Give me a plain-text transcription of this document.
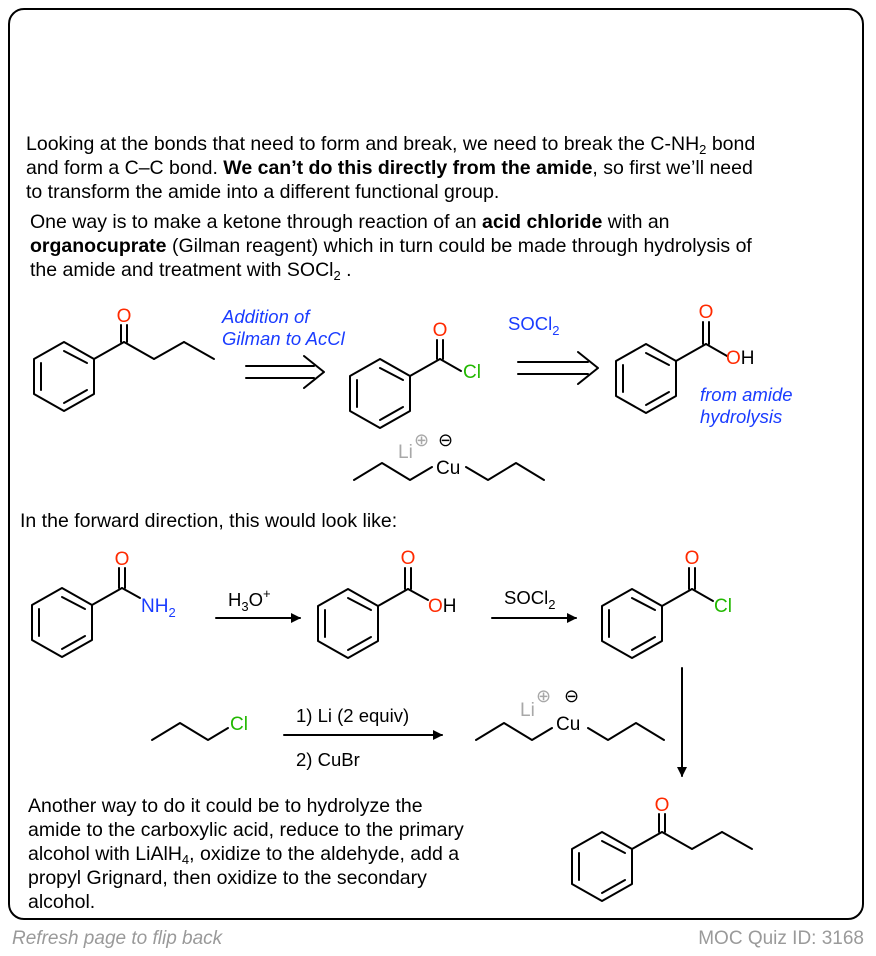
Looking at the bonds that need to form and break, we need to break the $C-NH_2$ bond
and form a C–C bond. We can’t do this directly from the amide, so first we’ll need
to transform the amide into a different functional group.

One way is to make a ketone through reaction of an acid chloride with an
organocuprate (Gilman reagent) which in turn could be made through hydrolysis of
the amide and treatment with SOCl$_2$ .

In the forward direction, this would look like:

Another way to do it could be to hydrolyze the
amide to the carboxylic acid, reduce to the primary
alcohol with LiAlH$_4$, oxidize to the aldehyde, add a
propyl Grignard, then oxidize to the secondary
alcohol.

O
O
Cl
O
OH
Li
⊕ ⊖
Cu
O
$NH_2$
O
OH
O
Cl
Cl
Li
⊕ ⊖
Cu
O
Addition of
Gilman to AcCl
SOCl$_2$
from amide
hydrolysis
$H_3O^+$	SOCl$_2$
1) Li (2 equiv)
2) CuBr
Refresh page to flip back	MOC Quiz ID: 3168
